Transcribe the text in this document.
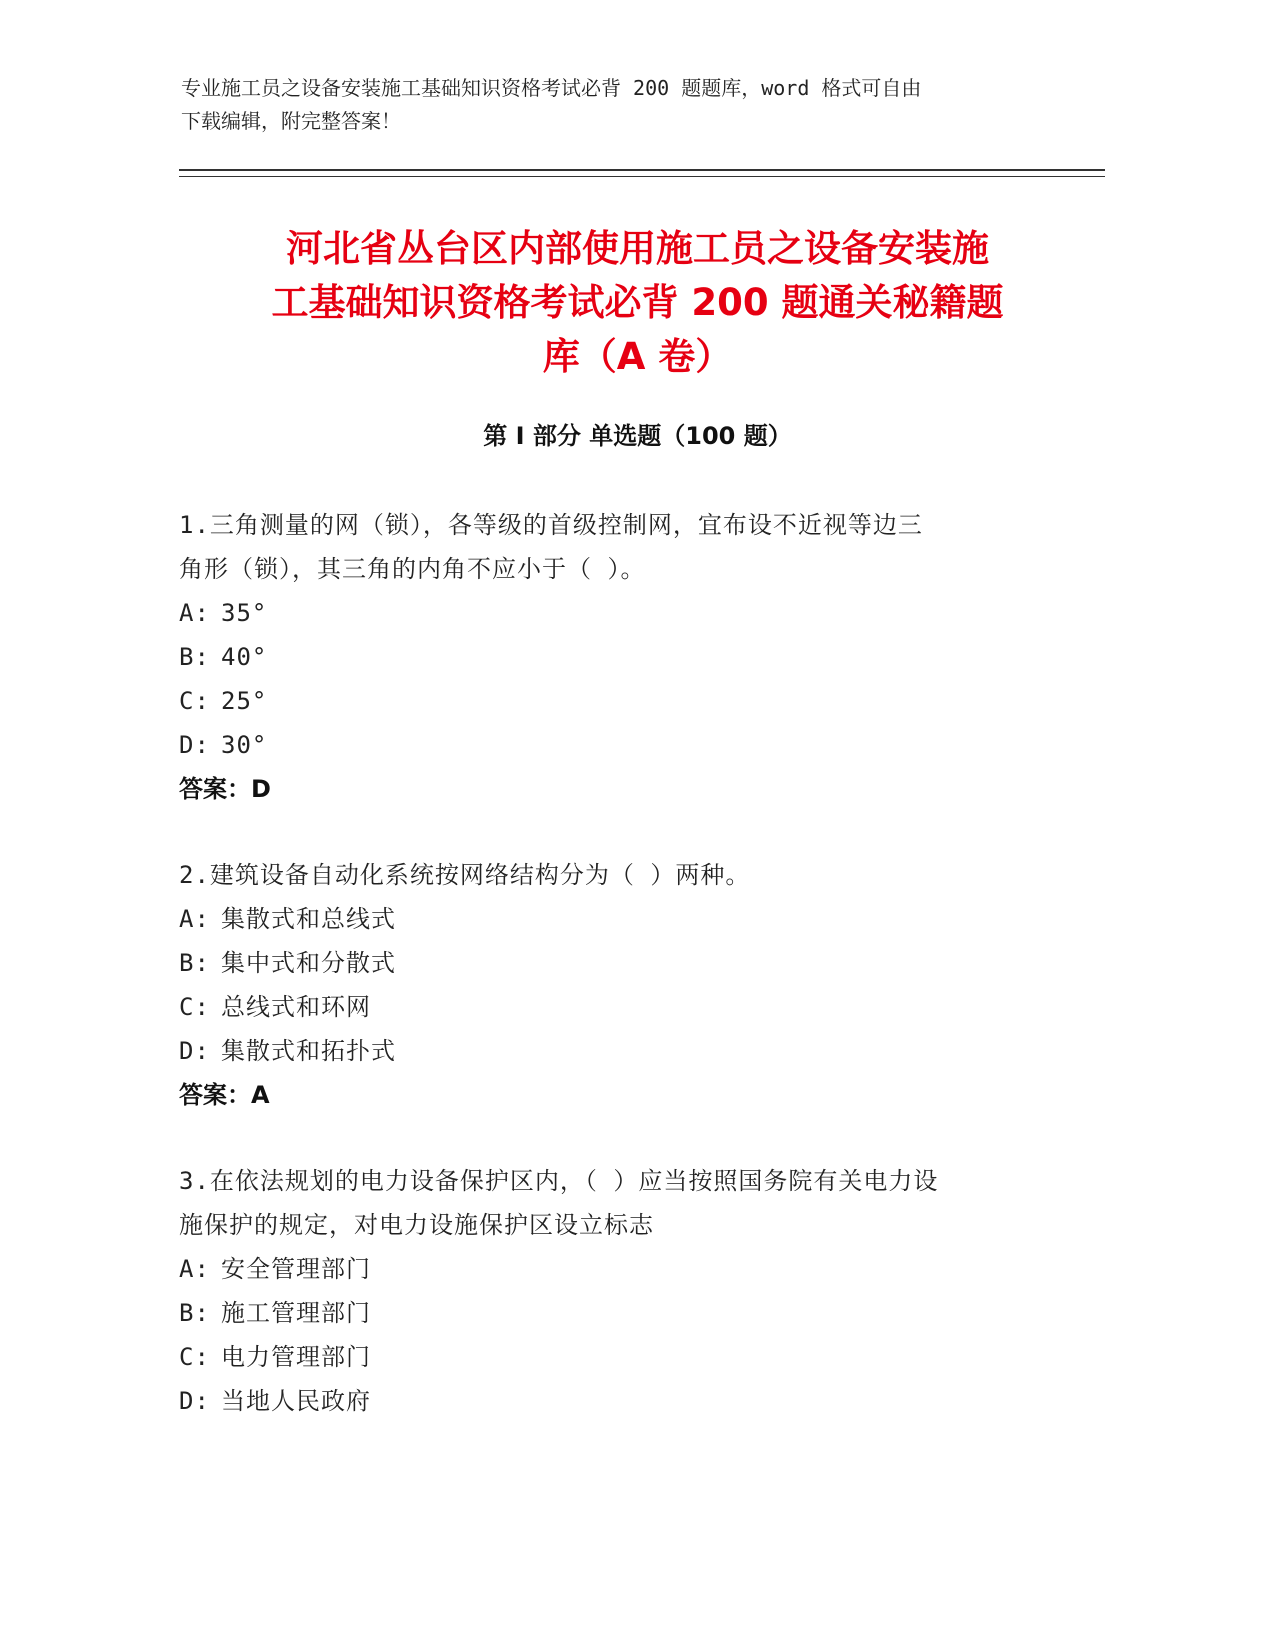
专业施工员之设备安装施工基础知识资格考试必背 200 题题库，word 格式可自由
下载编辑，附完整答案！
河北省丛台区内部使用施工员之设备安装施
工基础知识资格考试必背 200 题通关秘籍题
库（A 卷）
第 I 部分 单选题（100 题）
1.三角测量的网（锁），各等级的首级控制网，宜布设不近视等边三
角形（锁），其三角的内角不应小于（ ）。
A: 35°
B: 40°
C: 25°
D: 30°
答案：D
2.建筑设备自动化系统按网络结构分为（ ）两种。
A: 集散式和总线式
B: 集中式和分散式
C: 总线式和环网
D: 集散式和拓扑式
答案：A
3.在依法规划的电力设备保护区内，（ ）应当按照国务院有关电力设
施保护的规定，对电力设施保护区设立标志
A: 安全管理部门
B: 施工管理部门
C: 电力管理部门
D: 当地人民政府
